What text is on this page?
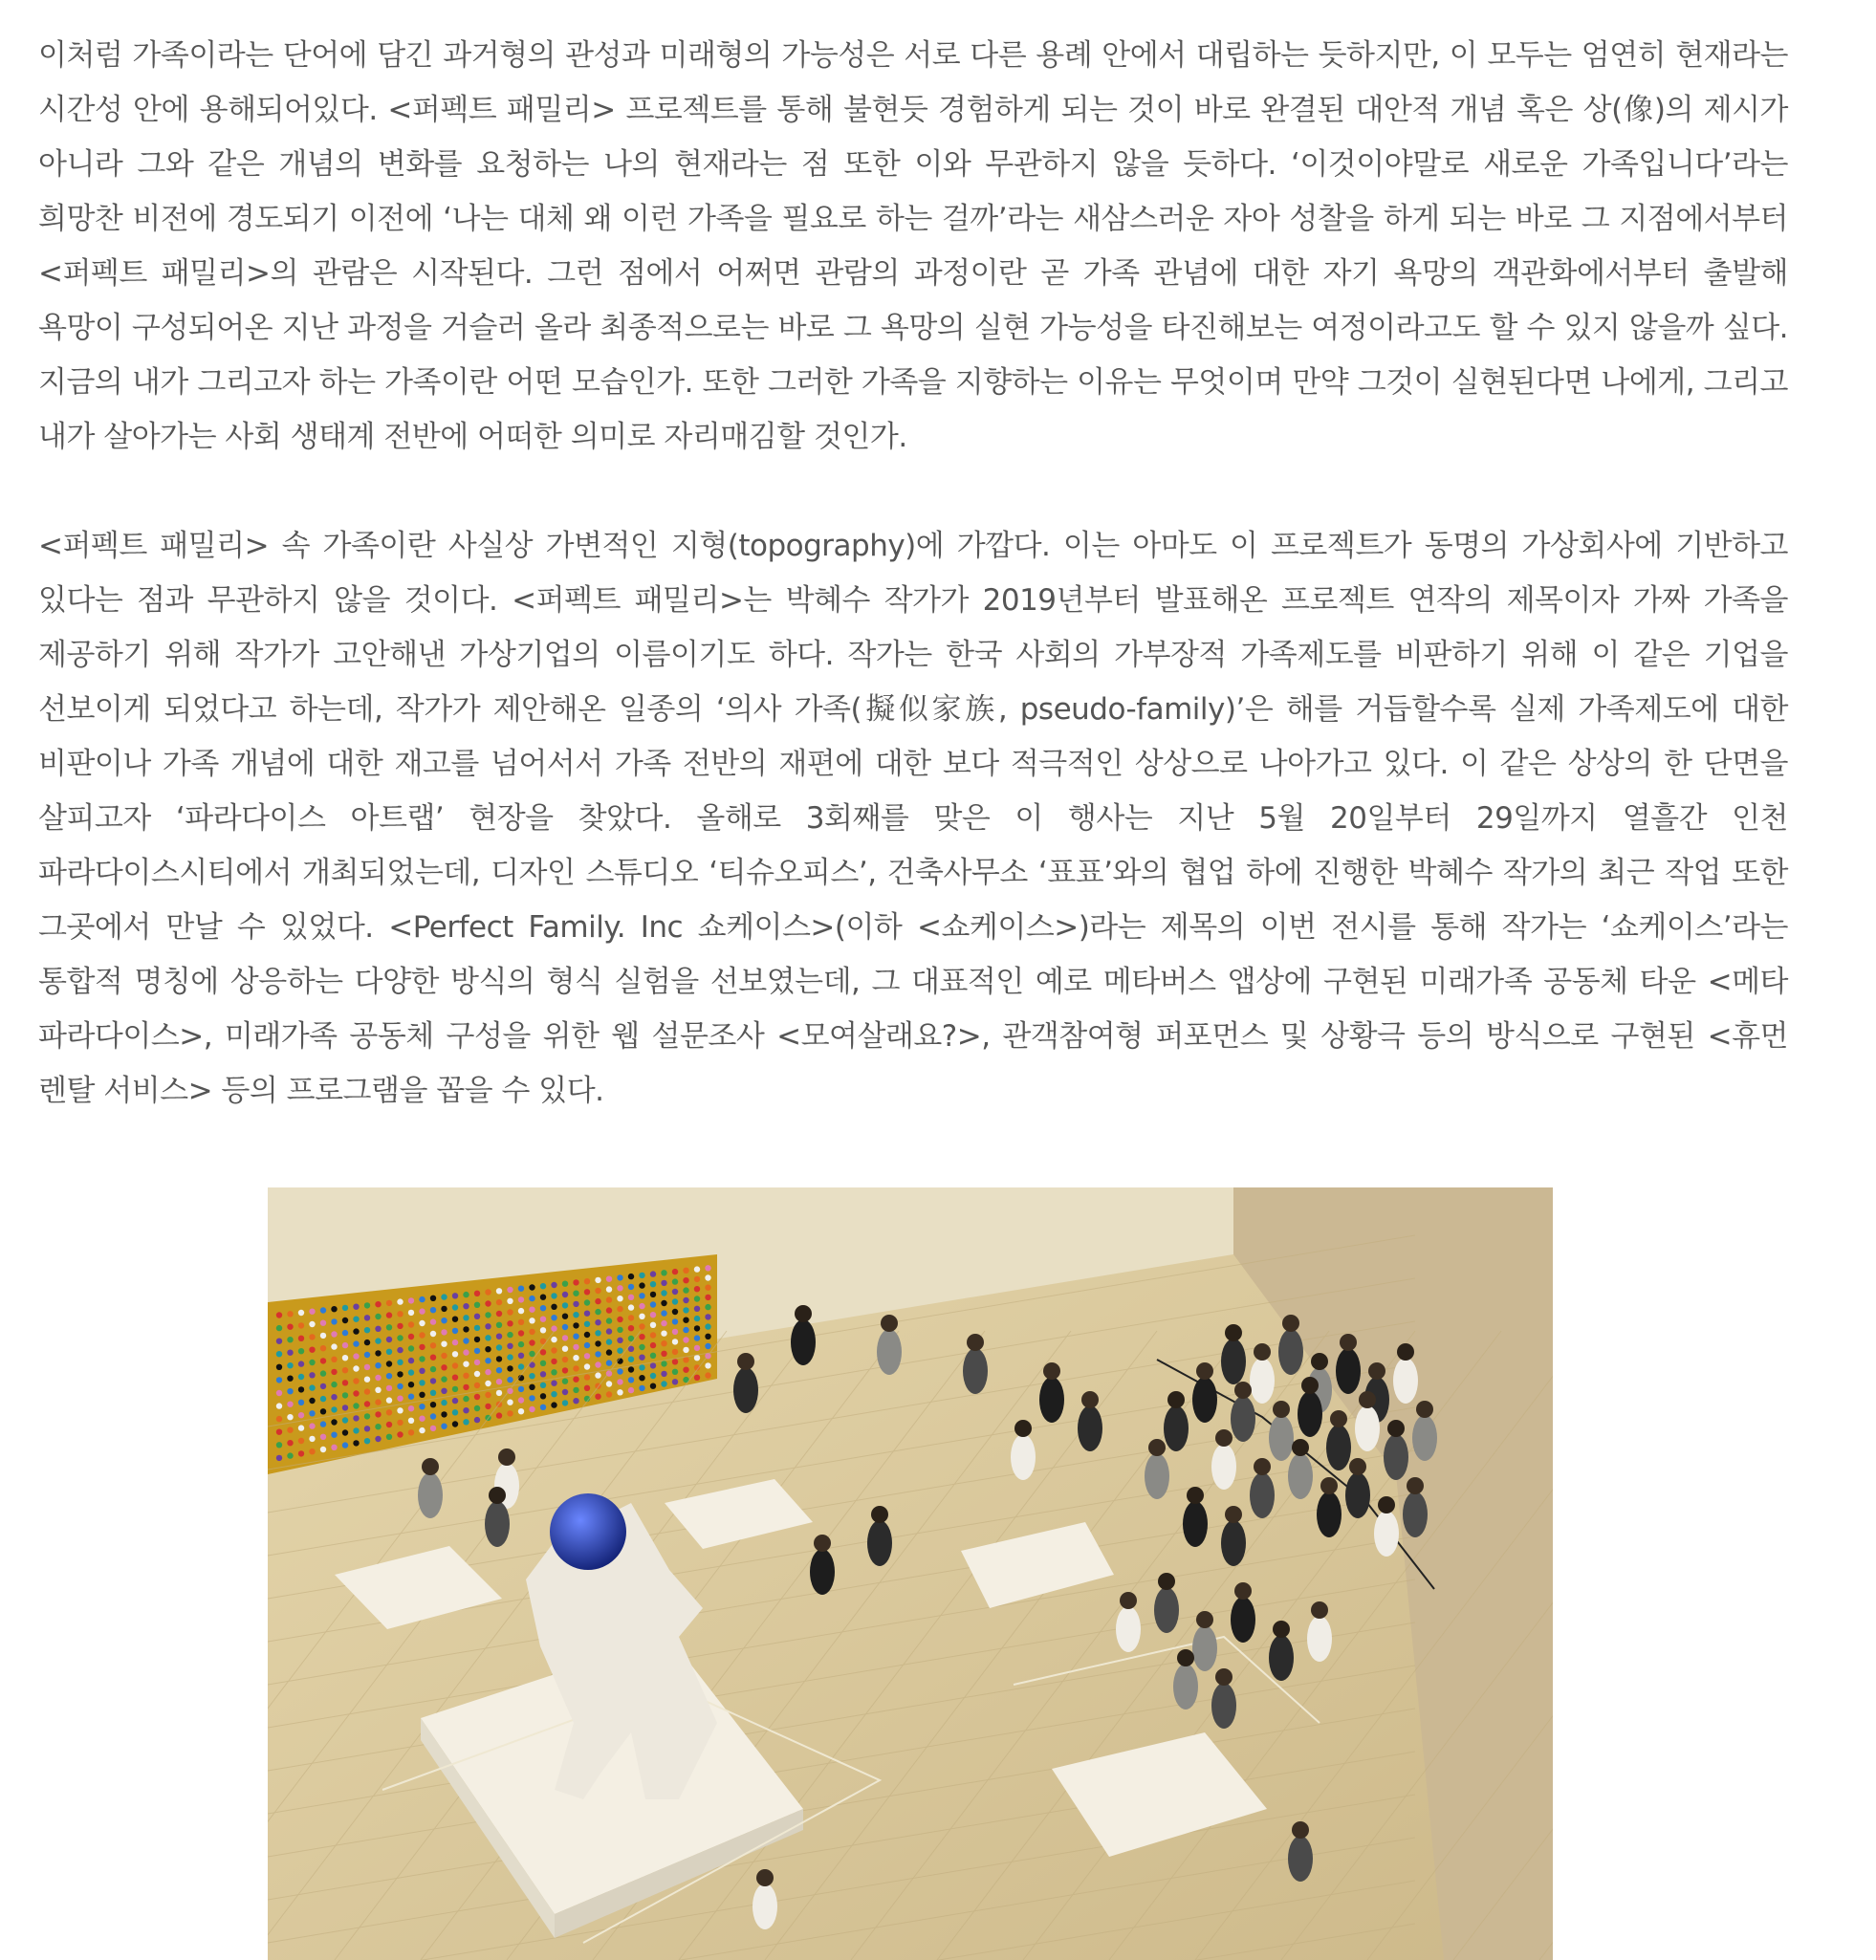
이처럼 가족이라는 단어에 담긴 과거형의 관성과 미래형의 가능성은 서로 다른 용례 안에서 대립하는 듯하지만, 이 모두는 엄연히 현재라는 시간성 안에 용해되어있다. <퍼펙트 패밀리> 프로젝트를 통해 불현듯 경험하게 되는 것이 바로 완결된 대안적 개념 혹은 상(像)의 제시가 아니라 그와 같은 개념의 변화를 요청하는 나의 현재라는 점 또한 이와 무관하지 않을 듯하다. ‘이것이야말로 새로운 가족입니다’라는 희망찬 비전에 경도되기 이전에 ‘나는 대체 왜 이런 가족을 필요로 하는 걸까’라는 새삼스러운 자아 성찰을 하게 되는 바로 그 지점에서부터 <퍼펙트 패밀리>의 관람은 시작된다. 그런 점에서 어쩌면 관람의 과정이란 곧 가족 관념에 대한 자기 욕망의 객관화에서부터 출발해 욕망이 구성되어온 지난 과정을 거슬러 올라 최종적으로는 바로 그 욕망의 실현 가능성을 타진해보는 여정이라고도 할 수 있지 않을까 싶다. 지금의 내가 그리고자 하는 가족이란 어떤 모습인가. 또한 그러한 가족을 지향하는 이유는 무엇이며 만약 그것이 실현된다면 나에게, 그리고 내가 살아가는 사회 생태계 전반에 어떠한 의미로 자리매김할 것인가.

<퍼펙트 패밀리> 속 가족이란 사실상 가변적인 지형(topography)에 가깝다. 이는 아마도 이 프로젝트가 동명의 가상회사에 기반하고 있다는 점과 무관하지 않을 것이다. <퍼펙트 패밀리>는 박혜수 작가가 2019년부터 발표해온 프로젝트 연작의 제목이자 가짜 가족을 제공하기 위해 작가가 고안해낸 가상기업의 이름이기도 하다. 작가는 한국 사회의 가부장적 가족제도를 비판하기 위해 이 같은 기업을 선보이게 되었다고 하는데, 작가가 제안해온 일종의 ‘의사 가족(擬似家族, pseudo-family)’은 해를 거듭할수록 실제 가족제도에 대한 비판이나 가족 개념에 대한 재고를 넘어서서 가족 전반의 재편에 대한 보다 적극적인 상상으로 나아가고 있다. 이 같은 상상의 한 단면을 살피고자 ‘파라다이스 아트랩’ 현장을 찾았다. 올해로 3회째를 맞은 이 행사는 지난 5월 20일부터 29일까지 열흘간 인천 파라다이스시티에서 개최되었는데, 디자인 스튜디오 ‘티슈오피스’, 건축사무소 ‘표표’와의 협업 하에 진행한 박혜수 작가의 최근 작업 또한 그곳에서 만날 수 있었다. <Perfect Family. Inc 쇼케이스>(이하 <쇼케이스>)라는 제목의 이번 전시를 통해 작가는 ‘쇼케이스’라는 통합적 명칭에 상응하는 다양한 방식의 형식 실험을 선보였는데, 그 대표적인 예로 메타버스 앱상에 구현된 미래가족 공동체 타운 <메타 파라다이스>, 미래가족 공동체 구성을 위한 웹 설문조사 <모여살래요?>, 관객참여형 퍼포먼스 및 상황극 등의 방식으로 구현된 <휴먼 렌탈 서비스> 등의 프로그램을 꼽을 수 있다.
